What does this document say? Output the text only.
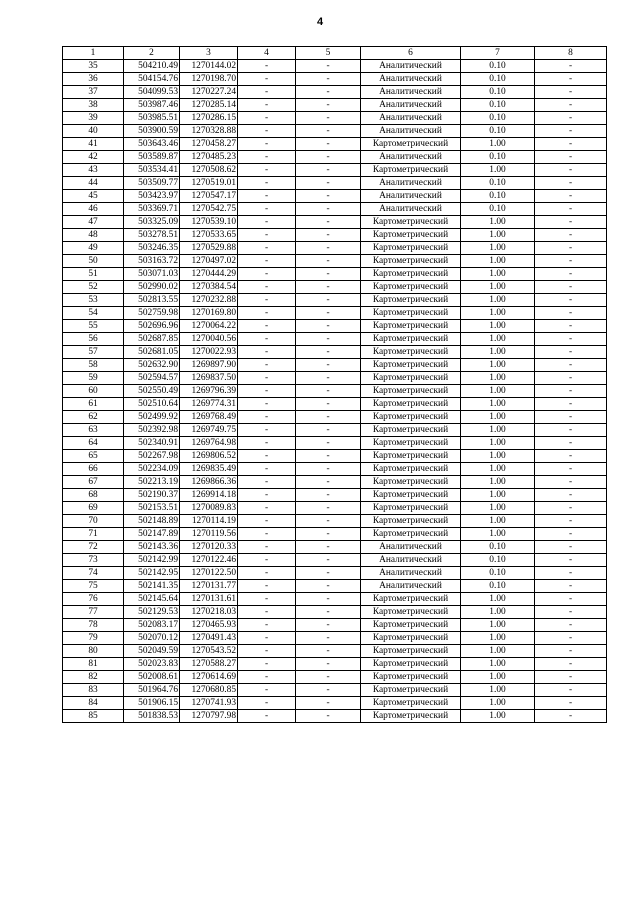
4
1	2	3	4	5	6	7	8
35	504210.49	1270144.02	-	-	Аналитический	0.10	-
36	504154.76	1270198.70	-	-	Аналитический	0.10	-
37	504099.53	1270227.24	-	-	Аналитический	0.10	-
38	503987.46	1270285.14	-	-	Аналитический	0.10	-
39	503985.51	1270286.15	-	-	Аналитический	0.10	-
40	503900.59	1270328.88	-	-	Аналитический	0.10	-
41	503643.46	1270458.27	-	-	Картометрический	1.00	-
42	503589.87	1270485.23	-	-	Аналитический	0.10	-
43	503534.41	1270508.62	-	-	Картометрический	1.00	-
44	503509.77	1270519.01	-	-	Аналитический	0.10	-
45	503423.97	1270547.17	-	-	Аналитический	0.10	-
46	503369.71	1270542.75	-	-	Аналитический	0.10	-
47	503325.09	1270539.10	-	-	Картометрический	1.00	-
48	503278.51	1270533.65	-	-	Картометрический	1.00	-
49	503246.35	1270529.88	-	-	Картометрический	1.00	-
50	503163.72	1270497.02	-	-	Картометрический	1.00	-
51	503071.03	1270444.29	-	-	Картометрический	1.00	-
52	502990.02	1270384.54	-	-	Картометрический	1.00	-
53	502813.55	1270232.88	-	-	Картометрический	1.00	-
54	502759.98	1270169.80	-	-	Картометрический	1.00	-
55	502696.96	1270064.22	-	-	Картометрический	1.00	-
56	502687.85	1270040.56	-	-	Картометрический	1.00	-
57	502681.05	1270022.93	-	-	Картометрический	1.00	-
58	502632.90	1269897.90	-	-	Картометрический	1.00	-
59	502594.57	1269837.50	-	-	Картометрический	1.00	-
60	502550.49	1269796.39	-	-	Картометрический	1.00	-
61	502510.64	1269774.31	-	-	Картометрический	1.00	-
62	502499.92	1269768.49	-	-	Картометрический	1.00	-
63	502392.98	1269749.75	-	-	Картометрический	1.00	-
64	502340.91	1269764.98	-	-	Картометрический	1.00	-
65	502267.98	1269806.52	-	-	Картометрический	1.00	-
66	502234.09	1269835.49	-	-	Картометрический	1.00	-
67	502213.19	1269866.36	-	-	Картометрический	1.00	-
68	502190.37	1269914.18	-	-	Картометрический	1.00	-
69	502153.51	1270089.83	-	-	Картометрический	1.00	-
70	502148.89	1270114.19	-	-	Картометрический	1.00	-
71	502147.89	1270119.56	-	-	Картометрический	1.00	-
72	502143.36	1270120.33	-	-	Аналитический	0.10	-
73	502142.99	1270122.46	-	-	Аналитический	0.10	-
74	502142.95	1270122.50	-	-	Аналитический	0.10	-
75	502141.35	1270131.77	-	-	Аналитический	0.10	-
76	502145.64	1270131.61	-	-	Картометрический	1.00	-
77	502129.53	1270218.03	-	-	Картометрический	1.00	-
78	502083.17	1270465.93	-	-	Картометрический	1.00	-
79	502070.12	1270491.43	-	-	Картометрический	1.00	-
80	502049.59	1270543.52	-	-	Картометрический	1.00	-
81	502023.83	1270588.27	-	-	Картометрический	1.00	-
82	502008.61	1270614.69	-	-	Картометрический	1.00	-
83	501964.76	1270680.85	-	-	Картометрический	1.00	-
84	501906.15	1270741.93	-	-	Картометрический	1.00	-
85	501838.53	1270797.98	-	-	Картометрический	1.00	-
